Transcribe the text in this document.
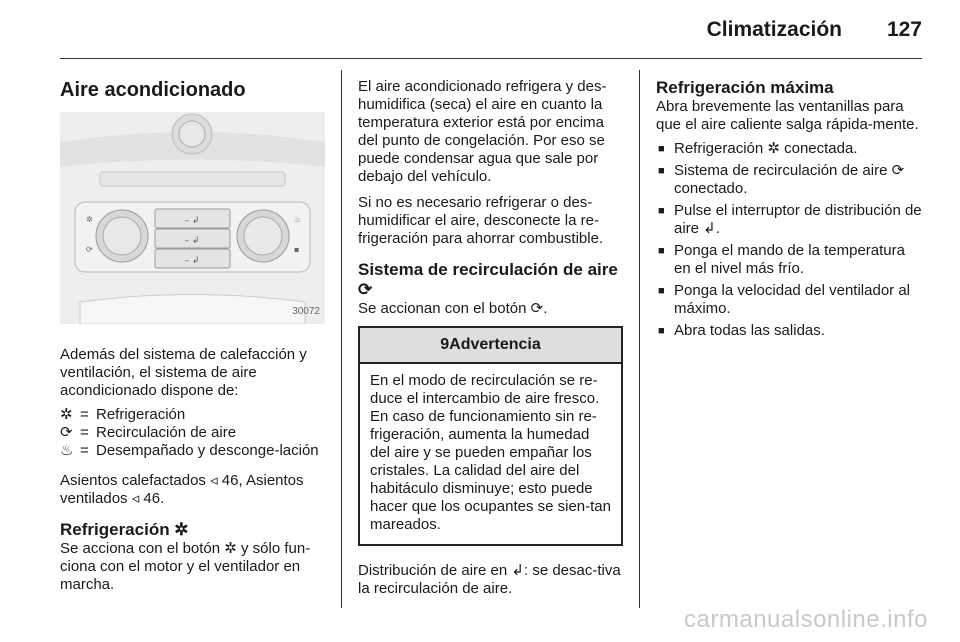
Climatización 127
Aire acondicionado
– ↲
– ↲
– ↲
✲
⟳
♨
▪
30072

Además del sistema de calefacción y ventilación, el sistema de aire acondicionado dispone de:

✲ = Refrigeración
⟳ = Recirculación de aire
♨ = Desempañado y desconge-lación

Asientos calefactados ◃ 46, Asientos ventilados ◃ 46.

Refrigeración ✲

Se acciona con el botón ✲ y sólo fun-ciona con el motor y el ventilador en marcha.

El aire acondicionado refrigera y des-humidifica (seca) el aire en cuanto la temperatura exterior está por encima del punto de congelación. Por eso se puede condensar agua que sale por debajo del vehículo.

Si no es necesario refrigerar o des-humidificar el aire, desconecte la re-frigeración para ahorrar combustible.

Sistema de recirculación de aire ⟳

Se accionan con el botón ⟳.

9Advertencia
En el modo de recirculación se re-duce el intercambio de aire fresco. En caso de funcionamiento sin re-frigeración, aumenta la humedad del aire y se pueden empañar los cristales. La calidad del aire del habitáculo disminuye; esto puede hacer que los ocupantes se sien-tan mareados.

Distribución de aire en ↲: se desac-tiva la recirculación de aire.

Refrigeración máxima

Abra brevemente las ventanillas para que el aire caliente salga rápida-mente.

■ Refrigeración ✲ conectada.
■ Sistema de recirculación de aire ⟳ conectado.
■ Pulse el interruptor de distribución de aire ↲.
■ Ponga el mando de la temperatura en el nivel más frío.
■ Ponga la velocidad del ventilador al máximo.
■ Abra todas las salidas.
carmanualsonline.info
